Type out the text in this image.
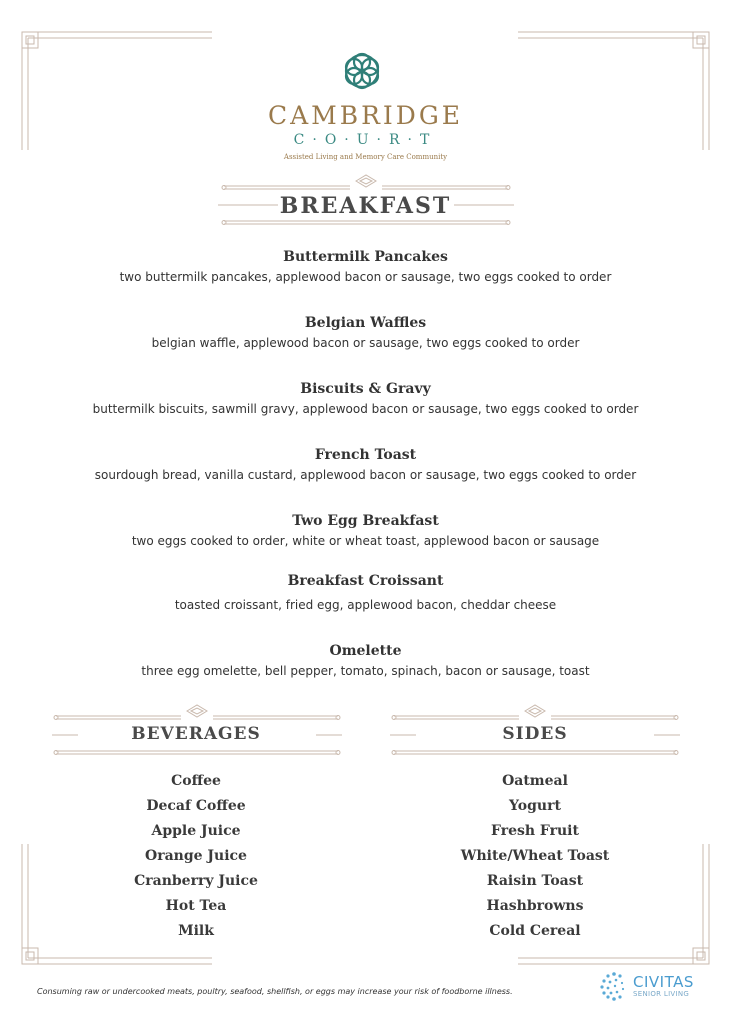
CAMBRIDGE
C·O·U·R·T
Assisted Living and Memory Care Community
BREAKFAST
Buttermilk Pancakes
two buttermilk pancakes, applewood bacon or sausage, two eggs cooked to order
Belgian Waffles
belgian waffle, applewood bacon or sausage, two eggs cooked to order
Biscuits & Gravy
buttermilk biscuits, sawmill gravy, applewood bacon or sausage, two eggs cooked to order
French Toast
sourdough bread, vanilla custard, applewood bacon or sausage, two eggs cooked to order
Two Egg Breakfast
two eggs cooked to order, white or wheat toast, applewood bacon or sausage
Breakfast Croissant
toasted croissant, fried egg, applewood bacon, cheddar cheese
Omelette
three egg omelette, bell pepper, tomato, spinach, bacon or sausage, toast
BEVERAGES	SIDES
Coffee
Decaf Coffee
Apple Juice
Orange Juice
Cranberry Juice
Hot Tea
Milk
Oatmeal
Yogurt
Fresh Fruit
White/Wheat Toast
Raisin Toast
Hashbrowns
Cold Cereal
Consuming raw or undercooked meats, poultry, seafood, shellfish, or eggs may increase your risk of foodborne illness.
CIVITAS
SENIOR LIVING
